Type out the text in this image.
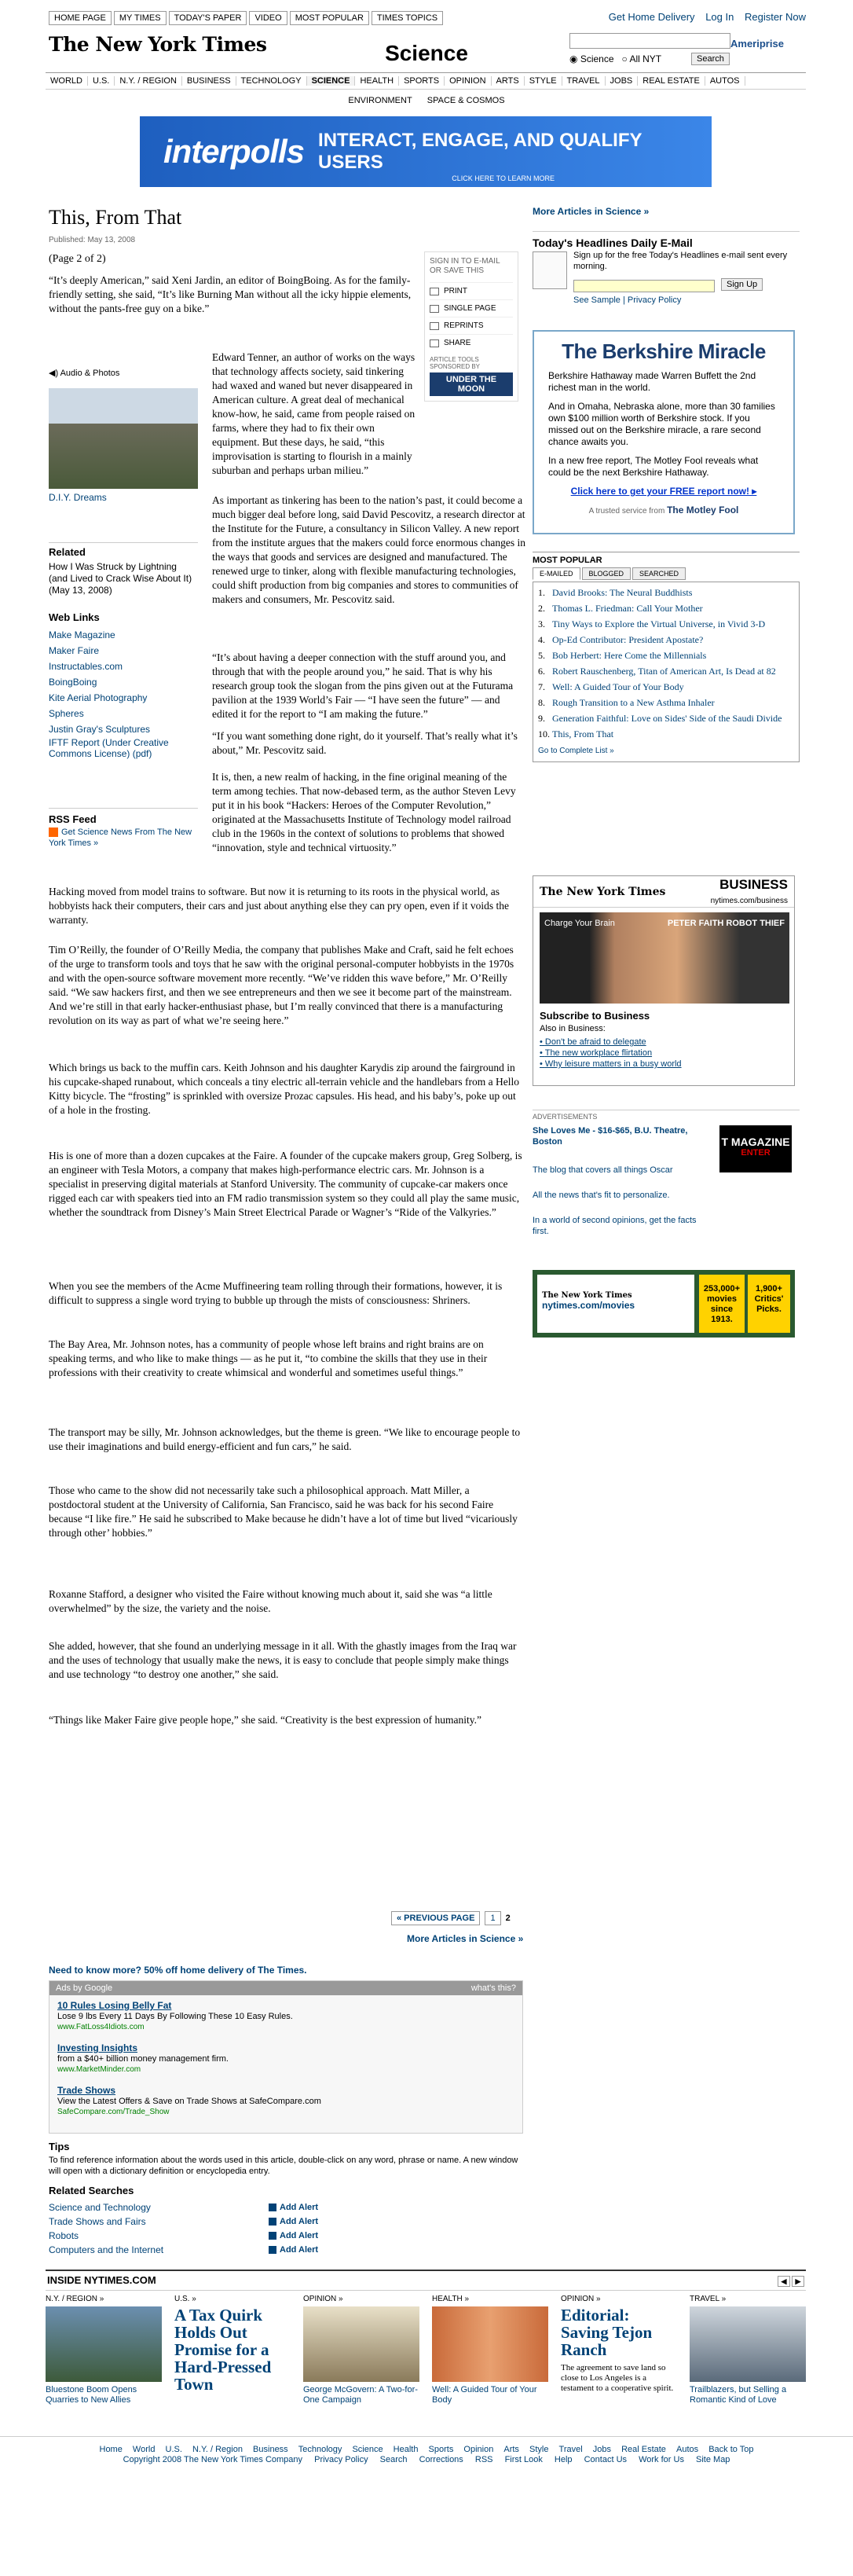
HOME PAGE	MY TIMES	TODAY'S PAPER	VIDEO	MOST POPULAR	TIMES TOPICS	Get Home Delivery Log In Register Now
The New York Times	Science	◉ Science ○ All NYT	Search
Ameriprise
WORLD	U.S.	N.Y. / REGION	BUSINESS	TECHNOLOGY	SCIENCE	HEALTH	SPORTS	OPINION	ARTS	STYLE	TRAVEL	JOBS	REAL ESTATE	AUTOS
ENVIRONMENT SPACE & COSMOS
interpolls INTERACT, ENGAGE, AND QUALIFY USERS
CLICK HERE TO LEARN MORE
This, From That
Published: May 13, 2008
(Page 2 of 2)
“It’s deeply American,” said Xeni Jardin, an editor of BoingBoing. As for the family-friendly setting, she said, “It’s like Burning Man without all the icky hippie elements, without the pants-free guy on a bike.”
Edward Tenner, an author of works on the ways that technology affects society, said tinkering had waxed and waned but never disappeared in American culture. A great deal of mechanical know-how, he said, came from people raised on farms, where they had to fix their own equipment. But these days, he said, “this improvisation is starting to flourish in a mainly suburban and perhaps urban milieu.”
As important as tinkering has been to the nation’s past, it could become a much bigger deal before long, said David Pescovitz, a research director at the Institute for the Future, a consultancy in Silicon Valley. A new report from the institute argues that the makers could force enormous changes in the ways that goods and services are designed and manufactured. The renewed urge to tinker, along with flexible manufacturing technologies, could shift production from big companies and stores to communities of makers and consumers, Mr. Pescovitz said.
“It’s about having a deeper connection with the stuff around you, and through that with the people around you,” he said. That is why his research group took the slogan from the pins given out at the Futurama pavilion at the 1939 World’s Fair — “I have seen the future” — and edited it for the report to “I am making the future.”
“If you want something done right, do it yourself. That’s really what it’s about,” Mr. Pescovitz said.
It is, then, a new realm of hacking, in the fine original meaning of the term among techies. That now-debased term, as the author Steven Levy put it in his book “Hackers: Heroes of the Computer Revolution,” originated at the Massachusetts Institute of Technology model railroad club in the 1960s in the context of solutions to problems that showed “innovation, style and technical virtuosity.”
Hacking moved from model trains to software. But now it is returning to its roots in the physical world, as hobbyists hack their computers, their cars and just about anything else they can pry open, even if it voids the warranty.
Tim O’Reilly, the founder of O’Reilly Media, the company that publishes Make and Craft, said he felt echoes of the urge to transform tools and toys that he saw with the original personal-computer hobbyists in the 1970s and with the open-source software movement more recently. “We’ve ridden this wave before,” Mr. O’Reilly said. “We saw hackers first, and then we see entrepreneurs and then we see it become part of the mainstream. And we’re still in that early hacker-enthusiast phase, but I’m really convinced that there is a manufacturing revolution on its way as part of what we’re seeing here.”
Which brings us back to the muffin cars. Keith Johnson and his daughter Karydis zip around the fairground in his cupcake-shaped runabout, which conceals a tiny electric all-terrain vehicle and the handlebars from a Hello Kitty bicycle. The “frosting” is sprinkled with oversize Prozac capsules. His head, and his baby’s, poke up out of a hole in the frosting.
His is one of more than a dozen cupcakes at the Faire. A founder of the cupcake makers group, Greg Solberg, is an engineer with Tesla Motors, a company that makes high-performance electric cars. Mr. Johnson is a specialist in preserving digital materials at Stanford University. The community of cupcake-car makers once rigged each car with speakers tied into an FM radio transmission system so they could all play the same music, whether the soundtrack from Disney’s Main Street Electrical Parade or Wagner’s “Ride of the Valkyries.”
When you see the members of the Acme Muffineering team rolling through their formations, however, it is difficult to suppress a single word trying to bubble up through the mists of consciousness: Shriners.
The Bay Area, Mr. Johnson notes, has a community of people whose left brains and right brains are on speaking terms, and who like to make things — as he put it, “to combine the skills that they use in their professions with their creativity to create whimsical and wonderful and sometimes useful things.”
The transport may be silly, Mr. Johnson acknowledges, but the theme is green. “We like to encourage people to use their imaginations and build energy-efficient and fun cars,” he said.
Those who came to the show did not necessarily take such a philosophical approach. Matt Miller, a postdoctoral student at the University of California, San Francisco, said he was back for his second Faire because “I like fire.” He said he subscribed to Make because he didn’t have a lot of time but lived “vicariously through other’ hobbies.”
Roxanne Stafford, a designer who visited the Faire without knowing much about it, said she was “a little overwhelmed” by the size, the variety and the noise.
She added, however, that she found an underlying message in it all. With the ghastly images from the Iraq war and the uses of technology that usually make the news, it is easy to conclude that people simply make things and use technology “to destroy one another,” she said.
“Things like Maker Faire give people hope,” she said. “Creativity is the best expression of humanity.”
SIGN IN TO E-MAIL OR SAVE THIS
PRINT
SINGLE PAGE
REPRINTS
SHARE
ARTICLE TOOLS SPONSORED BY
UNDER THE MOON
◀) Audio & Photos
D.I.Y. Dreams
Related
How I Was Struck by Lightning (and Lived to Crack Wise About It) (May 13, 2008)
Web Links
Make Magazine
Maker Faire
Instructables.com
BoingBoing
Kite Aerial Photography
Spheres
Justin Gray's Sculptures
IFTF Report (Under Creative Commons License) (pdf)
RSS Feed
Get Science News From The New York Times »
« PREVIOUS PAGE	1	2
More Articles in Science »
Need to know more? 50% off home delivery of The Times.
Ads by Google	what's this?
10 Rules Losing Belly Fat
Lose 9 lbs Every 11 Days By Following These 10 Easy Rules.
www.FatLoss4Idiots.com
Investing Insights
from a $40+ billion money management firm.
www.MarketMinder.com
Trade Shows
View the Latest Offers & Save on Trade Shows at SafeCompare.com
SafeCompare.com/Trade_Show
Tips
To find reference information about the words used in this article, double-click on any word, phrase or name. A new window will open with a dictionary definition or encyclopedia entry.
Related Searches
Science and Technology	Add Alert
Trade Shows and Fairs	Add Alert
Robots	Add Alert
Computers and the Internet	Add Alert
More Articles in Science »
Today's Headlines Daily E-Mail
Sign up for the free Today's Headlines e-mail sent every morning.
Sign Up
See Sample | Privacy Policy
The Berkshire Miracle

Berkshire Hathaway made Warren Buffett the 2nd richest man in the world.

And in Omaha, Nebraska alone, more than 30 families own $100 million worth of Berkshire stock. If you missed out on the Berkshire miracle, a rare second chance awaits you.

In a new free report, The Motley Fool reveals what could be the next Berkshire Hathaway.

Click here to get your FREE report now! ▸

A trusted service from The Motley Fool
MOST POPULAR
E-MAILED	BLOGGED	SEARCHED
1. David Brooks: The Neural Buddhists
2. Thomas L. Friedman: Call Your Mother
3. Tiny Ways to Explore the Virtual Universe, in Vivid 3-D
4. Op-Ed Contributor: President Apostate?
5. Bob Herbert: Here Come the Millennials
6. Robert Rauschenberg, Titan of American Art, Is Dead at 82
7. Well: A Guided Tour of Your Body
8. Rough Transition to a New Asthma Inhaler
9. Generation Faithful: Love on Sides' Side of the Saudi Divide
10. This, From That
Go to Complete List »
The New York Times	BUSINESS
nytimes.com/business
Charge Your Brain	PETER FAITH ROBOT THIEF
Subscribe to Business
Also in Business:
• Don't be afraid to delegate
• The new workplace flirtation
• Why leisure matters in a busy world
ADVERTISEMENTS
She Loves Me - $16-$65, B.U. Theatre, Boston	T MAGAZINE
ENTER
The blog that covers all things Oscar
All the news that's fit to personalize.
In a world of second opinions, get the facts first.
The New York Times
nytimes.com/movies
253,000+ movies since 1913.
1,900+ Critics' Picks.
INSIDE NYTIMES.COM	◀ ▶
N.Y. / REGION »
Bluestone Boom Opens Quarries to New Allies
U.S. »
A Tax Quirk Holds Out Promise for a Hard-Pressed Town
OPINION »
George McGovern: A Two-for-One Campaign
HEALTH »
Well: A Guided Tour of Your Body
OPINION »
Editorial: Saving Tejon Ranch
The agreement to save land so close to Los Angeles is a testament to a cooperative spirit.
TRAVEL »
Trailblazers, but Selling a Romantic Kind of Love
Home World U.S. N.Y. / Region Business Technology Science Health Sports Opinion Arts Style Travel Jobs Real Estate Autos Back to Top
Copyright 2008 The New York Times Company Privacy Policy Search Corrections RSS First Look Help Contact Us Work for Us Site Map
